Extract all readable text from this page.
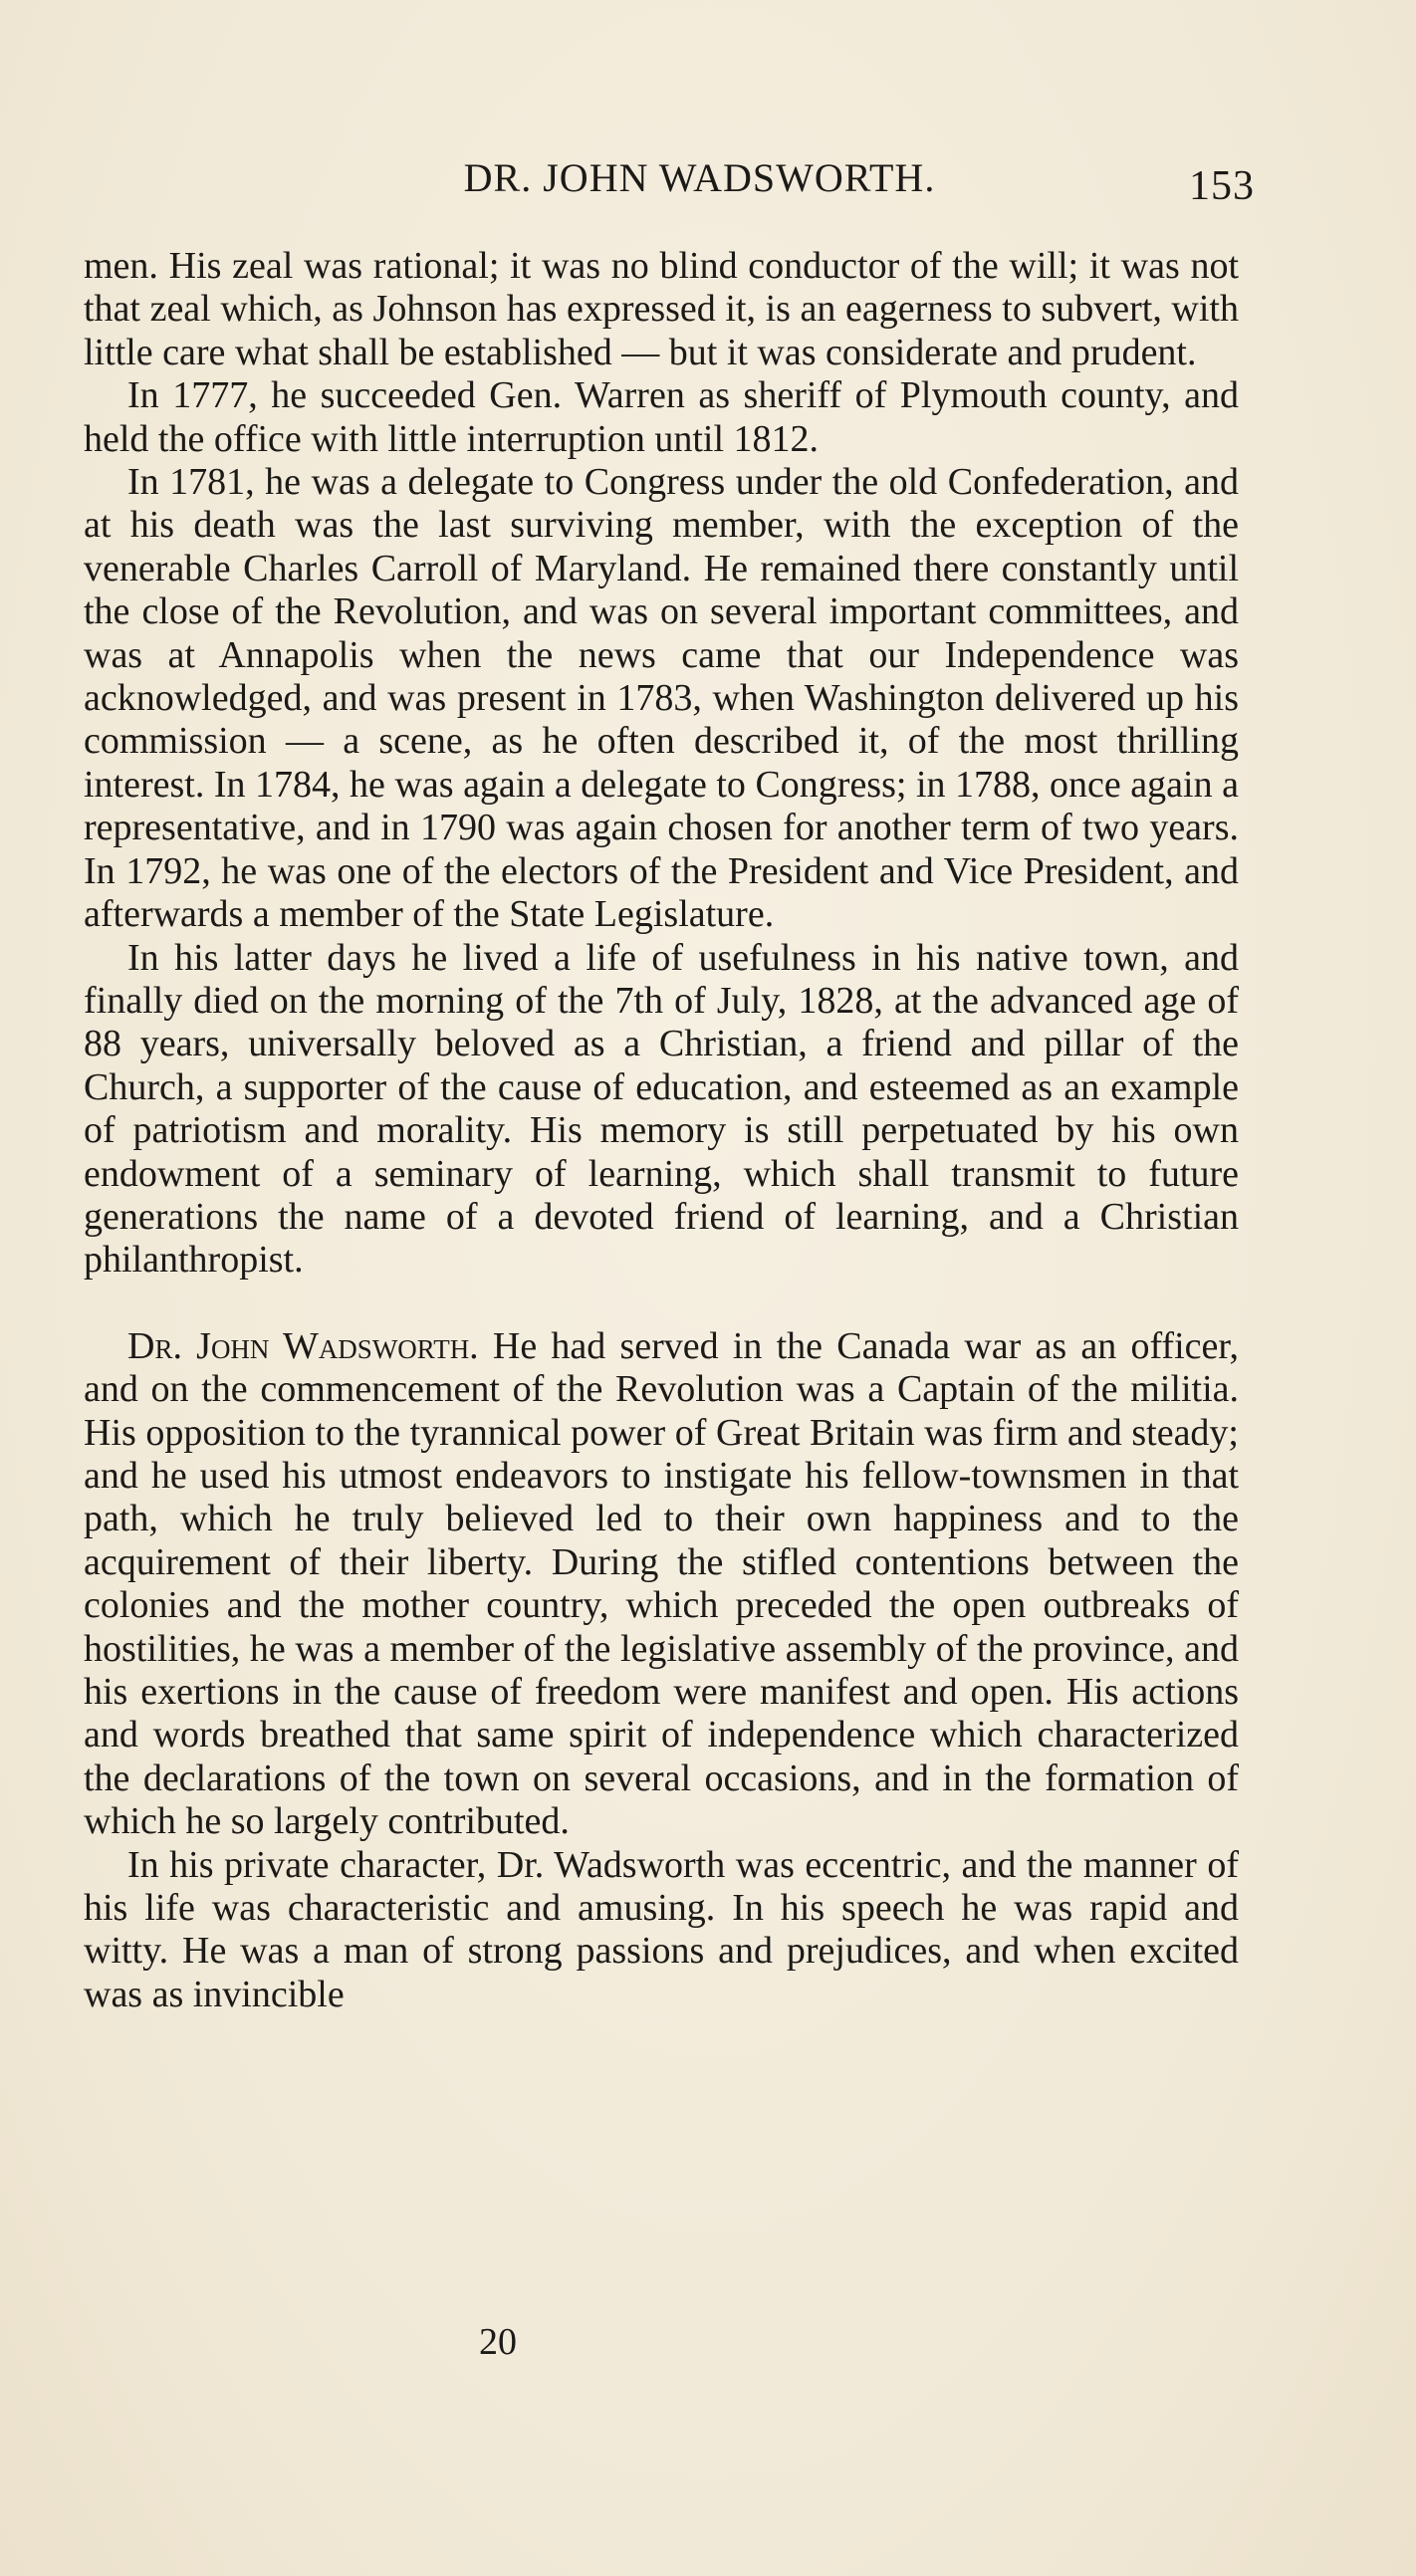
DR. JOHN WADSWORTH.	153

men. His zeal was rational; it was no blind conductor of the will; it was not that zeal which, as Johnson has expressed it, is an eagerness to subvert, with little care what shall be established — but it was considerate and prudent.

In 1777, he succeeded Gen. Warren as sheriff of Plymouth county, and held the office with little interruption until 1812.

In 1781, he was a delegate to Congress under the old Confederation, and at his death was the last surviving member, with the exception of the venerable Charles Carroll of Maryland. He remained there constantly until the close of the Revolution, and was on several important committees, and was at Annapolis when the news came that our Independence was acknowledged, and was present in 1783, when Washington delivered up his commission — a scene, as he often described it, of the most thrilling interest. In 1784, he was again a delegate to Congress; in 1788, once again a representative, and in 1790 was again chosen for another term of two years. In 1792, he was one of the electors of the President and Vice President, and afterwards a member of the State Legislature.

In his latter days he lived a life of usefulness in his native town, and finally died on the morning of the 7th of July, 1828, at the advanced age of 88 years, universally beloved as a Christian, a friend and pillar of the Church, a supporter of the cause of education, and esteemed as an example of patriotism and morality. His memory is still perpetuated by his own endowment of a seminary of learning, which shall transmit to future generations the name of a devoted friend of learning, and a Christian philanthropist.

Dr. John Wadsworth. He had served in the Canada war as an officer, and on the commencement of the Revolution was a Captain of the militia. His opposition to the tyrannical power of Great Britain was firm and steady; and he used his utmost endeavors to instigate his fellow-townsmen in that path, which he truly believed led to their own happiness and to the acquirement of their liberty. During the stifled contentions between the colonies and the mother country, which preceded the open outbreaks of hostilities, he was a member of the legislative assembly of the province, and his exertions in the cause of freedom were manifest and open. His actions and words breathed that same spirit of independence which characterized the declarations of the town on several occasions, and in the formation of which he so largely contributed.

In his private character, Dr. Wadsworth was eccentric, and the manner of his life was characteristic and amusing. In his speech he was rapid and witty. He was a man of strong passions and prejudices, and when excited was as invincible

20
